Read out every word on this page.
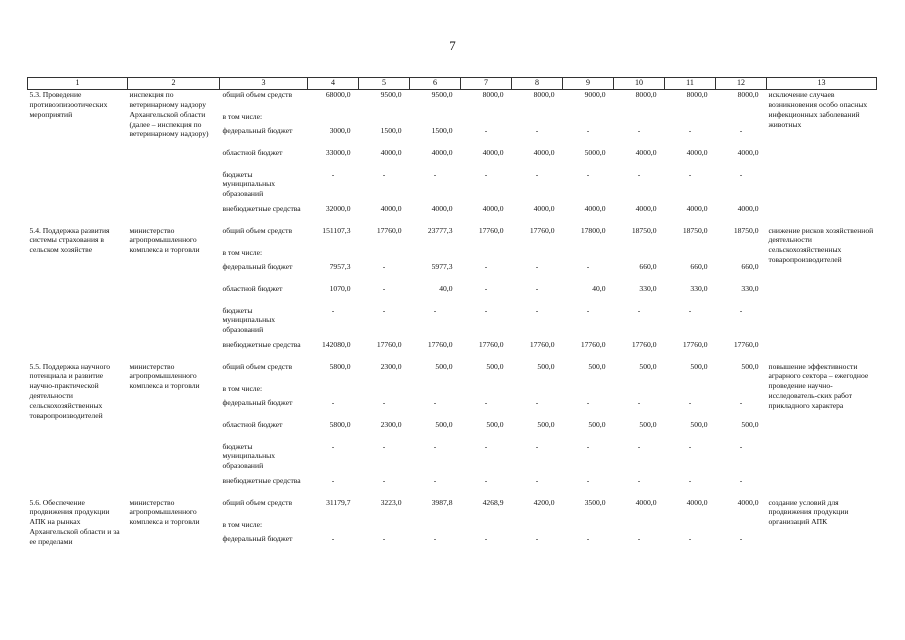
7
1	2	3	4	5	6	7	8	9	10	11	12	13
5.3. Проведение противоэпизоотических мероприятий	инспекция по ветеринарному надзору Архангельской области (далее – инспекция по ветеринарному надзору)	общий объем средств	68000,0	9500,0	9500,0	8000,0	8000,0	9000,0	8000,0	8000,0	8000,0	исключение случаев возникновения особо опасных инфекционных заболеваний животных
		в том числе:										
		федеральный бюджет	3000,0	1500,0	1500,0	-	-	-	-	-	-	
		областной бюджет	33000,0	4000,0	4000,0	4000,0	4000,0	5000,0	4000,0	4000,0	4000,0	
		бюджеты муниципальных образований	-	-	-	-	-	-	-	-	-	
		внебюджетные средства	32000,0	4000,0	4000,0	4000,0	4000,0	4000,0	4000,0	4000,0	4000,0	
5.4. Поддержка развития системы страхования в сельском хозяйстве	министерство агропромышленного комплекса и торговли	общий объем средств	151107,3	17760,0	23777,3	17760,0	17760,0	17800,0	18750,0	18750,0	18750,0	снижение рисков хозяйственной деятельности сельскохозяйственных товаропроизводителей
		в том числе:										
		федеральный бюджет	7957,3	-	5977,3	-	-	-	660,0	660,0	660,0	
		областной бюджет	1070,0	-	40,0	-	-	40,0	330,0	330,0	330,0	
		бюджеты муниципальных образований	-	-	-	-	-	-	-	-	-	
		внебюджетные средства	142080,0	17760,0	17760,0	17760,0	17760,0	17760,0	17760,0	17760,0	17760,0	
5.5. Поддержка научного потенциала и развитие научно-практической деятельности сельскохозяйственных товаропроизводителей	министерство агропромышленного комплекса и торговли	общий объем средств	5800,0	2300,0	500,0	500,0	500,0	500,0	500,0	500,0	500,0	повышение эффективности аграрного сектора – ежегодное проведение научно-исследователь-ских работ прикладного характера
		в том числе:										
		федеральный бюджет	-	-	-	-	-	-	-	-	-	
		областной бюджет	5800,0	2300,0	500,0	500,0	500,0	500,0	500,0	500,0	500,0	
		бюджеты муниципальных образований	-	-	-	-	-	-	-	-	-	
		внебюджетные средства	-	-	-	-	-	-	-	-	-	
5.6. Обеспечение продвижения продукции АПК на рынках Архангельской области и за ее пределами	министерство агропромышленного комплекса и торговли	общий объем средств	31179,7	3223,0	3987,8	4268,9	4200,0	3500,0	4000,0	4000,0	4000,0	создание условий для продвижения продукции организаций АПК
		в том числе:										
		федеральный бюджет	-	-	-	-	-	-	-	-	-	
